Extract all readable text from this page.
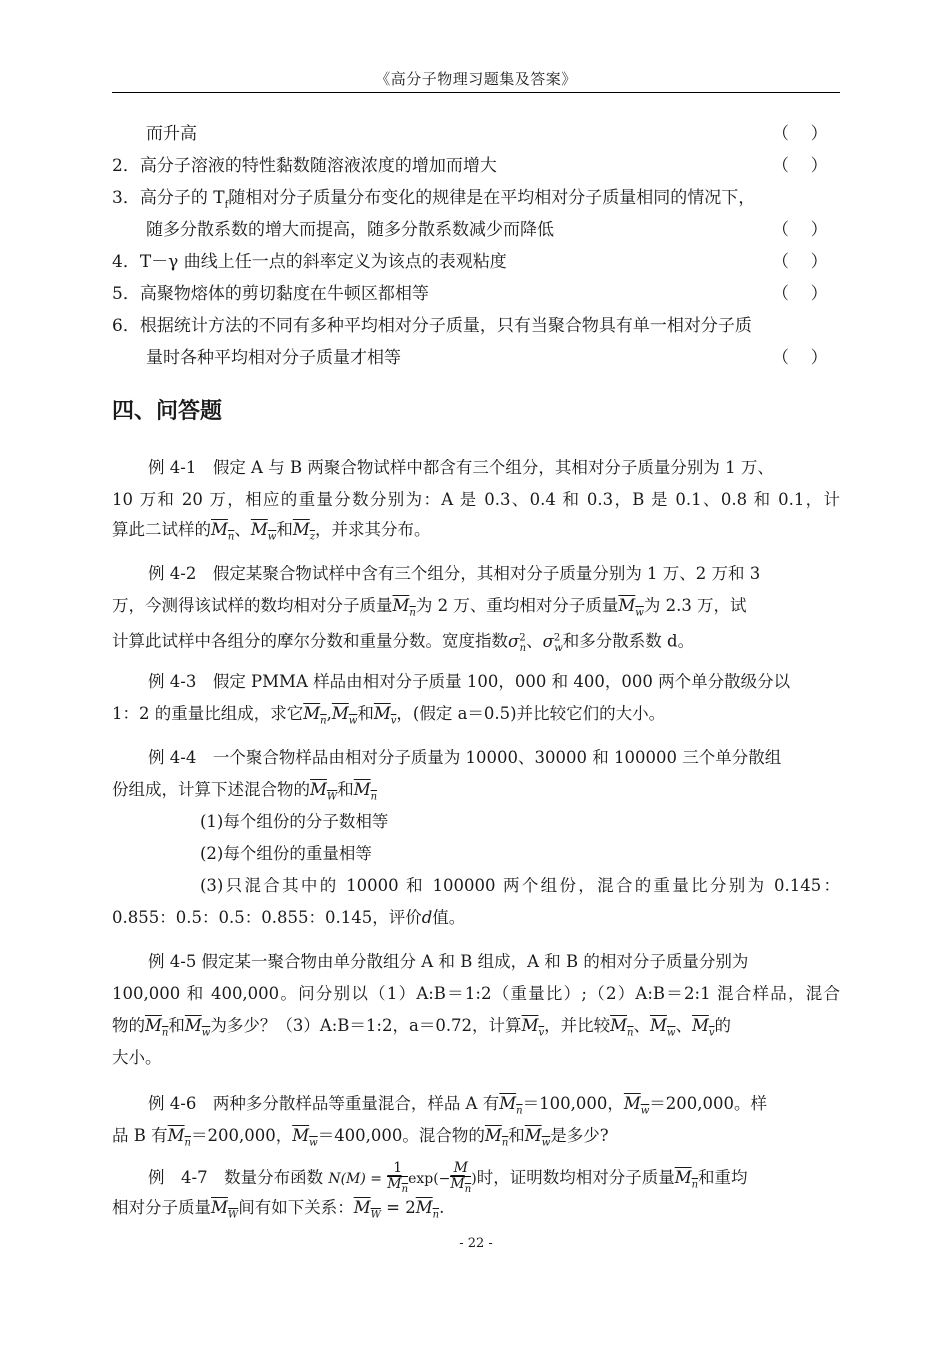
《高分子物理习题集及答案》
而升高	（    ）
2．高分子溶液的特性黏数随溶液浓度的增加而增大	（    ）
3．高分子的 $T_f$随相对分子质量分布变化的规律是在平均相对分子质量相同的情况下，
随多分散系数的增大而提高，随多分散系数减少而降低	（    ）
4．T－γ 曲线上任一点的斜率定义为该点的表观粘度	（    ）
5．高聚物熔体的剪切黏度在牛顿区都相等	（    ）
6．根据统计方法的不同有多种平均相对分子质量，只有当聚合物具有单一相对分子质
量时各种平均相对分子质量才相等	（    ）
四、问答题
例 4-1　假定 A 与 B 两聚合物试样中都含有三个组分，其相对分子质量分别为 1 万、
10 万和 20 万，相应的重量分数分别为：A 是 0.3、0.4 和 0.3，B 是 0.1、0.8 和 0.1，计
算此二试样的$M_n$、$M_w$和$M_z$，并求其分布。
例 4-2　假定某聚合物试样中含有三个组分，其相对分子质量分别为 1 万、2 万和 3
万，今测得该试样的数均相对分子质量$M_n$为 2 万、重均相对分子质量$M_w$为 2.3 万，试
计算此试样中各组分的摩尔分数和重量分数。宽度指数$\sigma^2_n$、$\sigma^2_w$和多分散系数 d。
例 4-3　假定 PMMA 样品由相对分子质量 100，000 和 400，000 两个单分散级分以
1：2 的重量比组成，求它$M_n,M_w$和$M_v$，(假定 a＝0.5)并比较它们的大小。
例 4-4　一个聚合物样品由相对分子质量为 10000、30000 和 100000 三个单分散组
份组成，计算下述混合物的$M_W$和$M_n$
(1)每个组份的分子数相等
(2)每个组份的重量相等
(3)只混合其中的 10000 和 100000 两个组份，混合的重量比分别为 0.145：
0.855：0.5：0.5：0.855：0.145，评价d值。
例 4-5 假定某一聚合物由单分散组分 A 和 B 组成，A 和 B 的相对分子质量分别为
100,000 和 400,000。问分别以（1）A:B＝1:2（重量比）;（2）A:B＝2:1 混合样品，混合
物的$M_n$和$M_w$为多少？（3）A:B＝1:2，a＝0.72，计算$M_v$，并比较$M_n$、$M_w$、$M_v$的
大小。
例 4-6　两种多分散样品等重量混合，样品 A 有$M_n=100,000$，$M_w=200,000$。样
品 B 有$M_n=200,000$，$M_w=400,000$。混合物的$M_n$和$M_w$是多少?
例　4-7　数量分布函数 $N(M) = \frac{1}{M_n} \exp(- \frac{M}{M_n}$ )时，证明数均相对分子质量$M_n$和重均
相对分子质量$M_W$间有如下关系：$M_W = 2M_n$.
- 22 -
